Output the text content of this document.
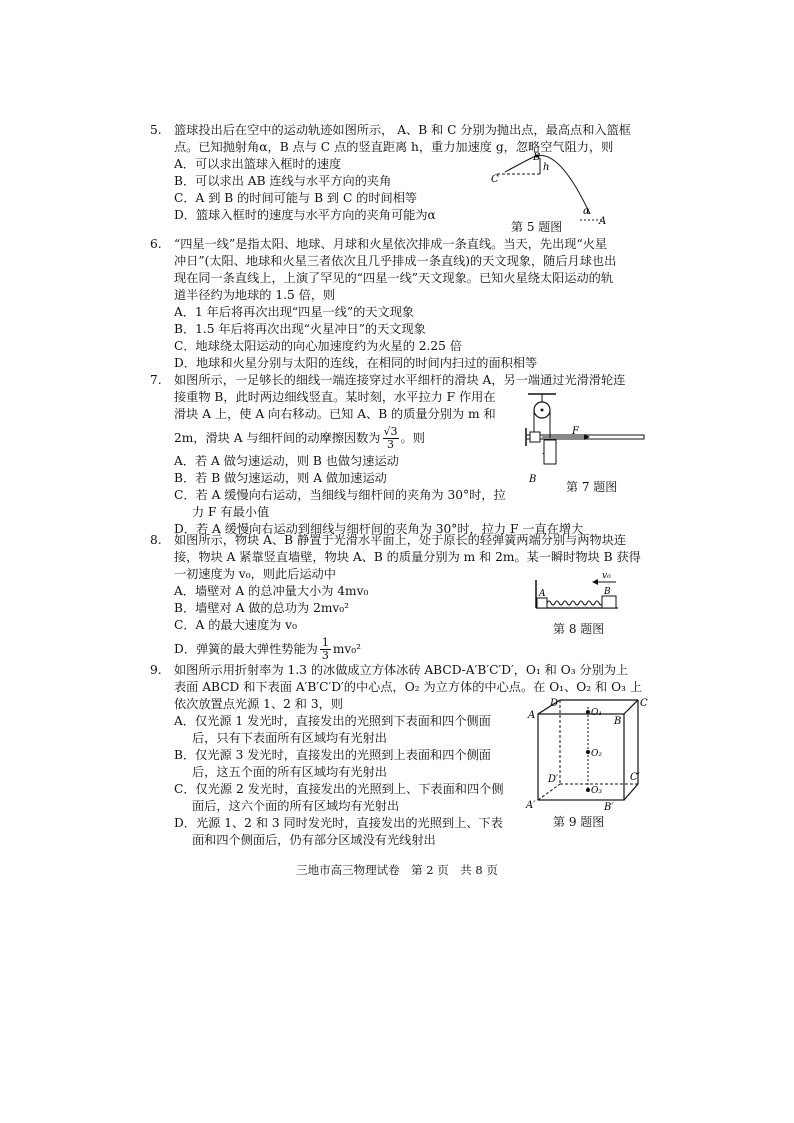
5. 篮球投出后在空中的运动轨迹如图所示， A、B 和 C 分别为抛出点，最高点和入篮框
点。已知抛射角α，B 点与 C 点的竖直距离 h，重力加速度 g，忽略空气阻力，则
A．可以求出篮球入框时的速度
B．可以求出 AB 连线与水平方向的夹角
C．A 到 B 的时间可能与 B 到 C 的时间相等
D．篮球入框时的速度与水平方向的夹角可能为α
B
h
C
α
A
第 5 题图
6. “四星一线”是指太阳、地球、月球和火星依次排成一条直线。当天，先出现“火星
冲日”(太阳、地球和火星三者依次且几乎排成一条直线)的天文现象，随后月球也出
现在同一条直线上，上演了罕见的“四星一线”天文现象。已知火星绕太阳运动的轨
道半径约为地球的 1.5 倍，则
A．1 年后将再次出现“四星一线”的天文现象
B．1.5 年后将再次出现“火星冲日”的天文现象
C．地球绕太阳运动的向心加速度约为火星的 2.25 倍
D．地球和火星分别与太阳的连线，在相同的时间内扫过的面积相等
7. 如图所示，一足够长的细线一端连接穿过水平细杆的滑块 A，另一端通过光滑滑轮连
接重物 B，此时两边细线竖直。某时刻，水平拉力 F 作用在
滑块 A 上，使 A 向右移动。已知 A、B 的质量分别为 m 和
2m，滑块 A 与细杆间的动摩擦因数为 $\frac{√3}{3}$ 。则
A．若 A 做匀速运动，则 B 也做匀速运动
B．若 B 做匀速运动，则 A 做加速运动
C．若 A 缓慢向右运动，当细线与细杆间的夹角为 30°时，拉
力 F 有最小值
D．若 A 缓慢向右运动到细线与细杆间的夹角为 30°时，拉力 F 一直在增大
F
B
第 7 题图
8. 如图所示，物块 A、B 静置于光滑水平面上，处于原长的轻弹簧两端分别与两物块连
接，物块 A 紧靠竖直墙壁，物块 A、B 的质量分别为 m 和 2m。某一瞬时物块 B 获得
一初速度为 v₀，则此后运动中
A．墙壁对 A 的总冲量大小为 4mv₀
B．墙壁对 A 做的总功为 2mv₀²
C．A 的最大速度为 v₀
D．弹簧的最大弹性势能为 $\frac{1}{3} mv_0^2$
v₀
A	B
第 8 题图
9. 如图所示用折射率为 1.3 的冰做成立方体冰砖 ABCD-A′B′C′D′，O₁ 和 O₃ 分别为上
表面 ABCD 和下表面 A′B′C′D′的中心点，O₂ 为立方体的中心点。在 O₁、O₂ 和 O₃ 上
依次放置点光源 1、2 和 3，则
A．仅光源 1 发光时，直接发出的光照到下表面和四个侧面
后，只有下表面所有区域均有光射出
B．仅光源 3 发光时，直接发出的光照到上表面和四个侧面
后，这五个面的所有区域均有光射出
C．仅光源 2 发光时，直接发出的光照到上、下表面和四个侧
面后，这六个面的所有区域均有光射出
D．光源 1、2 和 3 同时发光时，直接发出的光照到上、下表
面和四个侧面后，仍有部分区域没有光线射出
O₁
O₂
O₃
A
B
C
D
A′	B′
C′
D′
第 9 题图
三地市高三物理试卷　第 2 页　共 8 页
